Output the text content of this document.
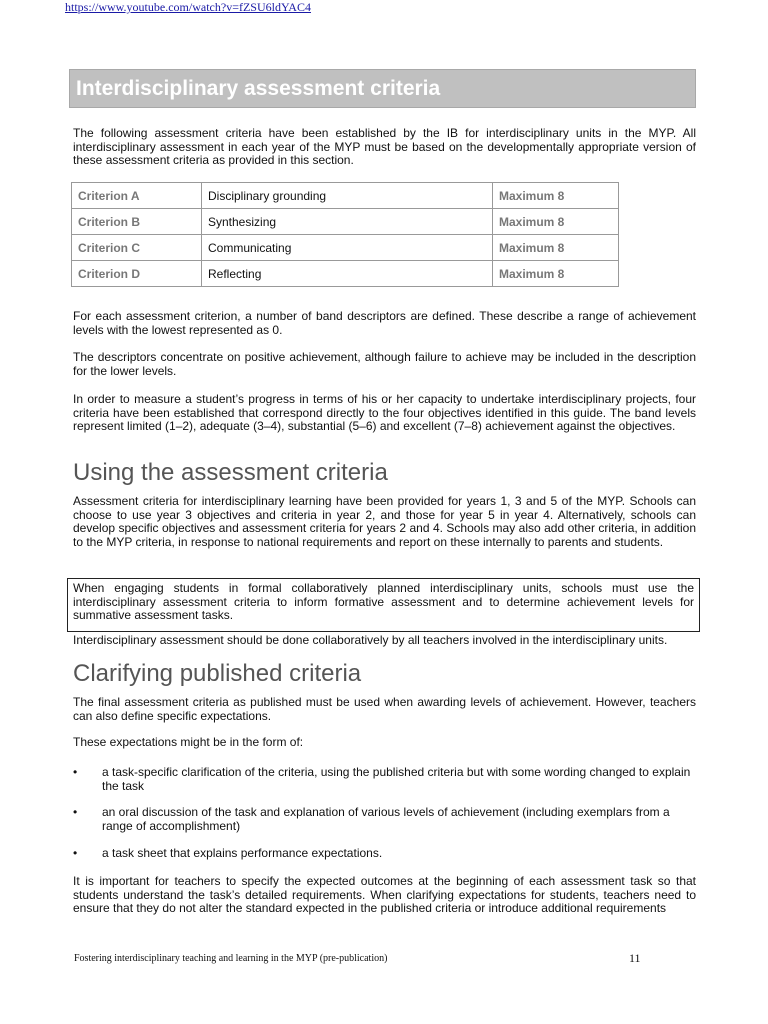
https://www.youtube.com/watch?v=fZSU6ldYAC4
Interdisciplinary assessment criteria

The following assessment criteria have been established by the IB for interdisciplinary units in the MYP. All interdisciplinary assessment in each year of the MYP must be based on the developmentally appropriate version of these assessment criteria as provided in this section.

Criterion A	Disciplinary grounding	Maximum 8
Criterion B	Synthesizing	Maximum 8
Criterion C	Communicating	Maximum 8
Criterion D	Reflecting	Maximum 8

For each assessment criterion, a number of band descriptors are defined. These describe a range of achievement levels with the lowest represented as 0.

The descriptors concentrate on positive achievement, although failure to achieve may be included in the description for the lower levels.

In order to measure a student’s progress in terms of his or her capacity to undertake interdisciplinary projects, four criteria have been established that correspond directly to the four objectives identified in this guide. The band levels represent limited (1–2), adequate (3–4), substantial (5–6) and excellent (7–8) achievement against the objectives.

Using the assessment criteria

Assessment criteria for interdisciplinary learning have been provided for years 1, 3 and 5 of the MYP. Schools can choose to use year 3 objectives and criteria in year 2, and those for year 5 in year 4. Alternatively, schools can develop specific objectives and assessment criteria for years 2 and 4. Schools may also add other criteria, in addition to the MYP criteria, in response to national requirements and report on these internally to parents and students.

When engaging students in formal collaboratively planned interdisciplinary units, schools must use the interdisciplinary assessment criteria to inform formative assessment and to determine achievement levels for summative assessment tasks.

Interdisciplinary assessment should be done collaboratively by all teachers involved in the interdisciplinary units.

Clarifying published criteria

The final assessment criteria as published must be used when awarding levels of achievement. However, teachers can also define specific expectations.

These expectations might be in the form of:

• a task-specific clarification of the criteria, using the published criteria but with some wording changed to explain the task
• an oral discussion of the task and explanation of various levels of achievement (including exemplars from a range of accomplishment)
• a task sheet that explains performance expectations.

It is important for teachers to specify the expected outcomes at the beginning of each assessment task so that students understand the task’s detailed requirements. When clarifying expectations for students, teachers need to ensure that they do not alter the standard expected in the published criteria or introduce additional requirements

Fostering interdisciplinary teaching and learning in the MYP (pre-publication)	11
